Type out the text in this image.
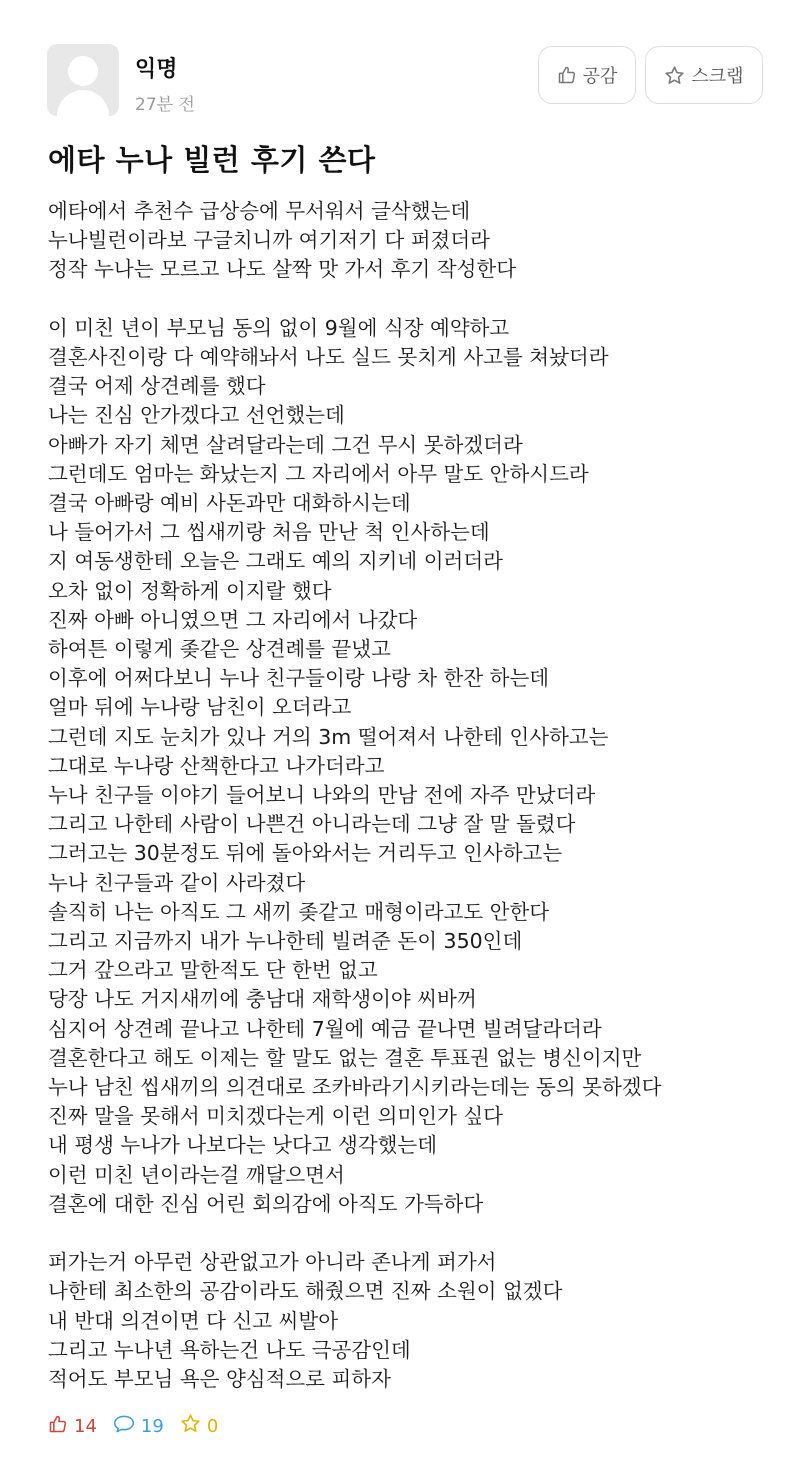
익명
27분 전
공감	스크랩
에타 누나 빌런 후기 쓴다
에타에서 추천수 급상승에 무서워서 글삭했는데
누나빌런이라보 구글치니까 여기저기 다 퍼졌더라
정작 누나는 모르고 나도 살짝 맛 가서 후기 작성한다
이 미친 년이 부모님 동의 없이 9월에 식장 예약하고
결혼사진이랑 다 예약해놔서 나도 실드 못치게 사고를 쳐놨더라
결국 어제 상견례를 했다
나는 진심 안가겠다고 선언했는데
아빠가 자기 체면 살려달라는데 그건 무시 못하겠더라
그런데도 엄마는 화났는지 그 자리에서 아무 말도 안하시드라
결국 아빠랑 예비 사돈과만 대화하시는데
나 들어가서 그 씹새끼랑 처음 만난 척 인사하는데
지 여동생한테 오늘은 그래도 예의 지키네 이러더라
오차 없이 정확하게 이지랄 했다
진짜 아빠 아니였으면 그 자리에서 나갔다
하여튼 이렇게 좆같은 상견례를 끝냈고
이후에 어쩌다보니 누나 친구들이랑 나랑 차 한잔 하는데
얼마 뒤에 누나랑 남친이 오더라고
그런데 지도 눈치가 있나 거의 3m 떨어져서 나한테 인사하고는
그대로 누나랑 산책한다고 나가더라고
누나 친구들 이야기 들어보니 나와의 만남 전에 자주 만났더라
그리고 나한테 사람이 나쁜건 아니라는데 그냥 잘 말 돌렸다
그러고는 30분정도 뒤에 돌아와서는 거리두고 인사하고는
누나 친구들과 같이 사라졌다
솔직히 나는 아직도 그 새끼 좆같고 매형이라고도 안한다
그리고 지금까지 내가 누나한테 빌려준 돈이 350인데
그거 갚으라고 말한적도 단 한번 없고
당장 나도 거지새끼에 충남대 재학생이야 씨바꺼
심지어 상견례 끝나고 나한테 7월에 예금 끝나면 빌려달라더라
결혼한다고 해도 이제는 할 말도 없는 결혼 투표권 없는 병신이지만
누나 남친 씹새끼의 의견대로 조카바라기시키라는데는 동의 못하겠다
진짜 말을 못해서 미치겠다는게 이런 의미인가 싶다
내 평생 누나가 나보다는 낫다고 생각했는데
이런 미친 년이라는걸 깨달으면서
결혼에 대한 진심 어린 회의감에 아직도 가득하다
퍼가는거 아무런 상관없고가 아니라 존나게 퍼가서
나한테 최소한의 공감이라도 해줬으면 진짜 소원이 없겠다
내 반대 의견이면 다 신고 씨발아
그리고 누나년 욕하는건 나도 극공감인데
적어도 부모님 욕은 양심적으로 피하자
14 19 0
